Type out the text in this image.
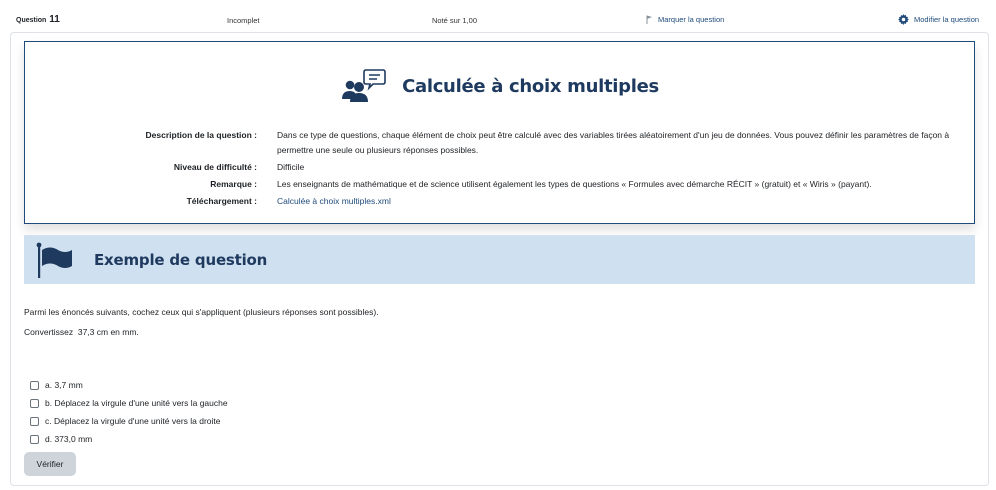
Question 11	Incomplet	Noté sur 1,00	Marquer la question	Modifier la question
Calculée à choix multiples
Description de la question :	Dans ce type de questions, chaque élément de choix peut être calculé avec des variables tirées aléatoirement d'un jeu de données. Vous pouvez définir les paramètres de façon à permettre une seule ou plusieurs réponses possibles.
Niveau de difficulté :	Difficile
Remarque :	Les enseignants de mathématique et de science utilisent également les types de questions « Formules avec démarche RÉCIT » (gratuit) et « Wiris » (payant).
Téléchargement :	Calculée à choix multiples.xml
Exemple de question
Parmi les énoncés suivants, cochez ceux qui s'appliquent (plusieurs réponses sont possibles).
Convertissez  37,3 cm en mm.
a. 3,7 mm
b. Déplacez la virgule d'une unité vers la gauche
c. Déplacez la virgule d'une unité vers la droite
d. 373,0 mm
Vérifier
